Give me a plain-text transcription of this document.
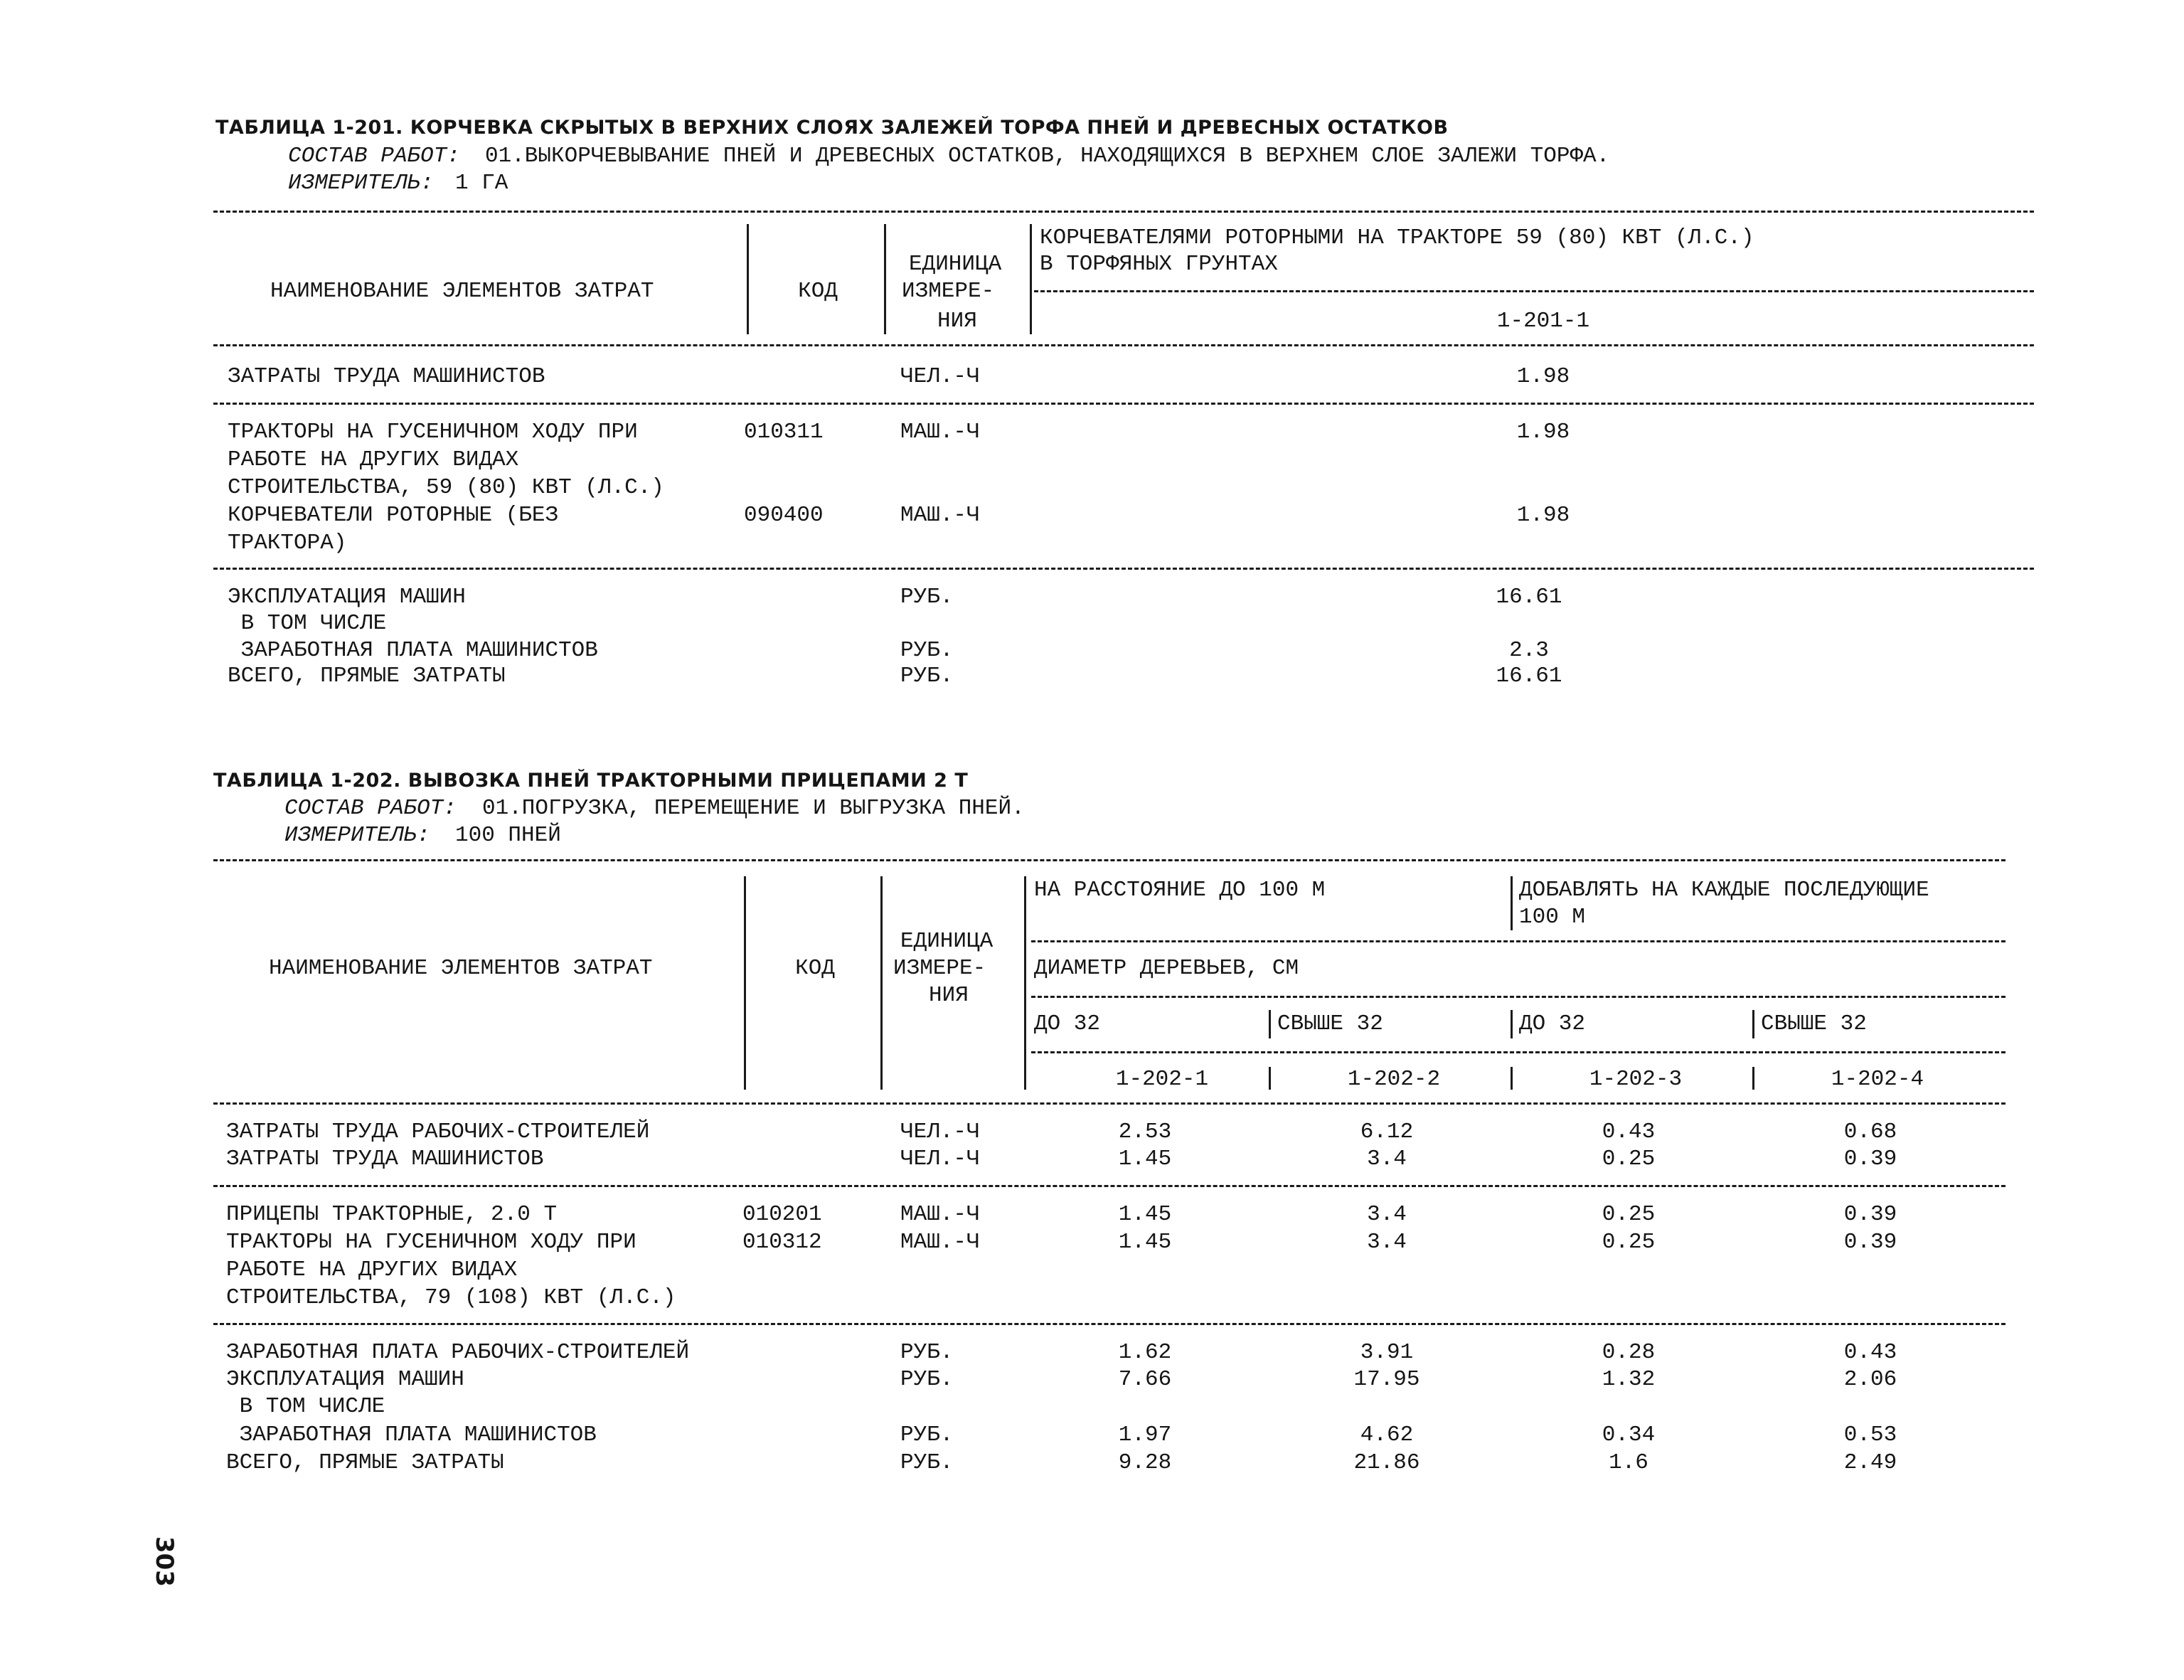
ТАБЛИЦА 1-201. КОРЧЕВКА СКРЫТЫХ В ВЕРХНИХ СЛОЯХ ЗАЛЕЖЕЙ ТОРФА ПНЕЙ И ДРЕВЕСНЫХ ОСТАТКОВ
СОСТАВ РАБОТ: 01.ВЫКОРЧЕВЫВАНИЕ ПНЕЙ И ДРЕВЕСНЫХ ОСТАТКОВ, НАХОДЯЩИХСЯ В ВЕРХНЕМ СЛОЕ ЗАЛЕЖИ ТОРФА.
ИЗМЕРИТЕЛЬ: 1 ГА
НАИМЕНОВАНИЕ ЭЛЕМЕНТОВ ЗАТРАТ	КОД
ЕДИНИЦА
ИЗМЕРЕ-
НИЯ
КОРЧЕВАТЕЛЯМИ РОТОРНЫМИ НА ТРАКТОРЕ 59 (80) КВТ (Л.С.)
В ТОРФЯНЫХ ГРУНТАХ
1-201-1
ЗАТРАТЫ ТРУДА МАШИНИСТОВ	ЧЕЛ.-Ч	1.98
ТРАКТОРЫ НА ГУСЕНИЧНОМ ХОДУ ПРИ
РАБОТЕ НА ДРУГИХ ВИДАХ
СТРОИТЕЛЬСТВА, 59 (80) КВТ (Л.С.)
010311	МАШ.-Ч	1.98
КОРЧЕВАТЕЛИ РОТОРНЫЕ (БЕЗ
ТРАКТОРА)
090400	МАШ.-Ч	1.98
ЭКСПЛУАТАЦИЯ МАШИН	РУБ.	16.61
В ТОМ ЧИСЛЕ
ЗАРАБОТНАЯ ПЛАТА МАШИНИСТОВ	РУБ.	2.3
ВСЕГО, ПРЯМЫЕ ЗАТРАТЫ	РУБ.	16.61
ТАБЛИЦА 1-202. ВЫВОЗКА ПНЕЙ ТРАКТОРНЫМИ ПРИЦЕПАМИ 2 Т
СОСТАВ РАБОТ: 01.ПОГРУЗКА, ПЕРЕМЕЩЕНИЕ И ВЫГРУЗКА ПНЕЙ.
ИЗМЕРИТЕЛЬ: 100 ПНЕЙ
НАИМЕНОВАНИЕ ЭЛЕМЕНТОВ ЗАТРАТ	КОД
ЕДИНИЦА
ИЗМЕРЕ-
НИЯ
НА РАССТОЯНИЕ ДО 100 М	ДОБАВЛЯТЬ НА КАЖДЫЕ ПОСЛЕДУЮЩИЕ
100 М
ДИАМЕТР ДЕРЕВЬЕВ, СМ
ДО 32	СВЫШЕ 32	ДО 32	СВЫШЕ 32
1-202-1	1-202-2	1-202-3	1-202-4
ЗАТРАТЫ ТРУДА РАБОЧИХ-СТРОИТЕЛЕЙ	ЧЕЛ.-Ч	2.53	6.12	0.43	0.68
ЗАТРАТЫ ТРУДА МАШИНИСТОВ	ЧЕЛ.-Ч	1.45	3.4	0.25	0.39
ПРИЦЕПЫ ТРАКТОРНЫЕ, 2.0 Т	010201	МАШ.-Ч	1.45	3.4	0.25	0.39
ТРАКТОРЫ НА ГУСЕНИЧНОМ ХОДУ ПРИ
РАБОТЕ НА ДРУГИХ ВИДАХ
СТРОИТЕЛЬСТВА, 79 (108) КВТ (Л.С.)
010312	МАШ.-Ч	1.45	3.4	0.25	0.39
ЗАРАБОТНАЯ ПЛАТА РАБОЧИХ-СТРОИТЕЛЕЙ	РУБ.	1.62	3.91	0.28	0.43
ЭКСПЛУАТАЦИЯ МАШИН	РУБ.	7.66	17.95	1.32	2.06
В ТОМ ЧИСЛЕ
ЗАРАБОТНАЯ ПЛАТА МАШИНИСТОВ	РУБ.	1.97	4.62	0.34	0.53
ВСЕГО, ПРЯМЫЕ ЗАТРАТЫ	РУБ.	9.28	21.86	1.6	2.49
303
